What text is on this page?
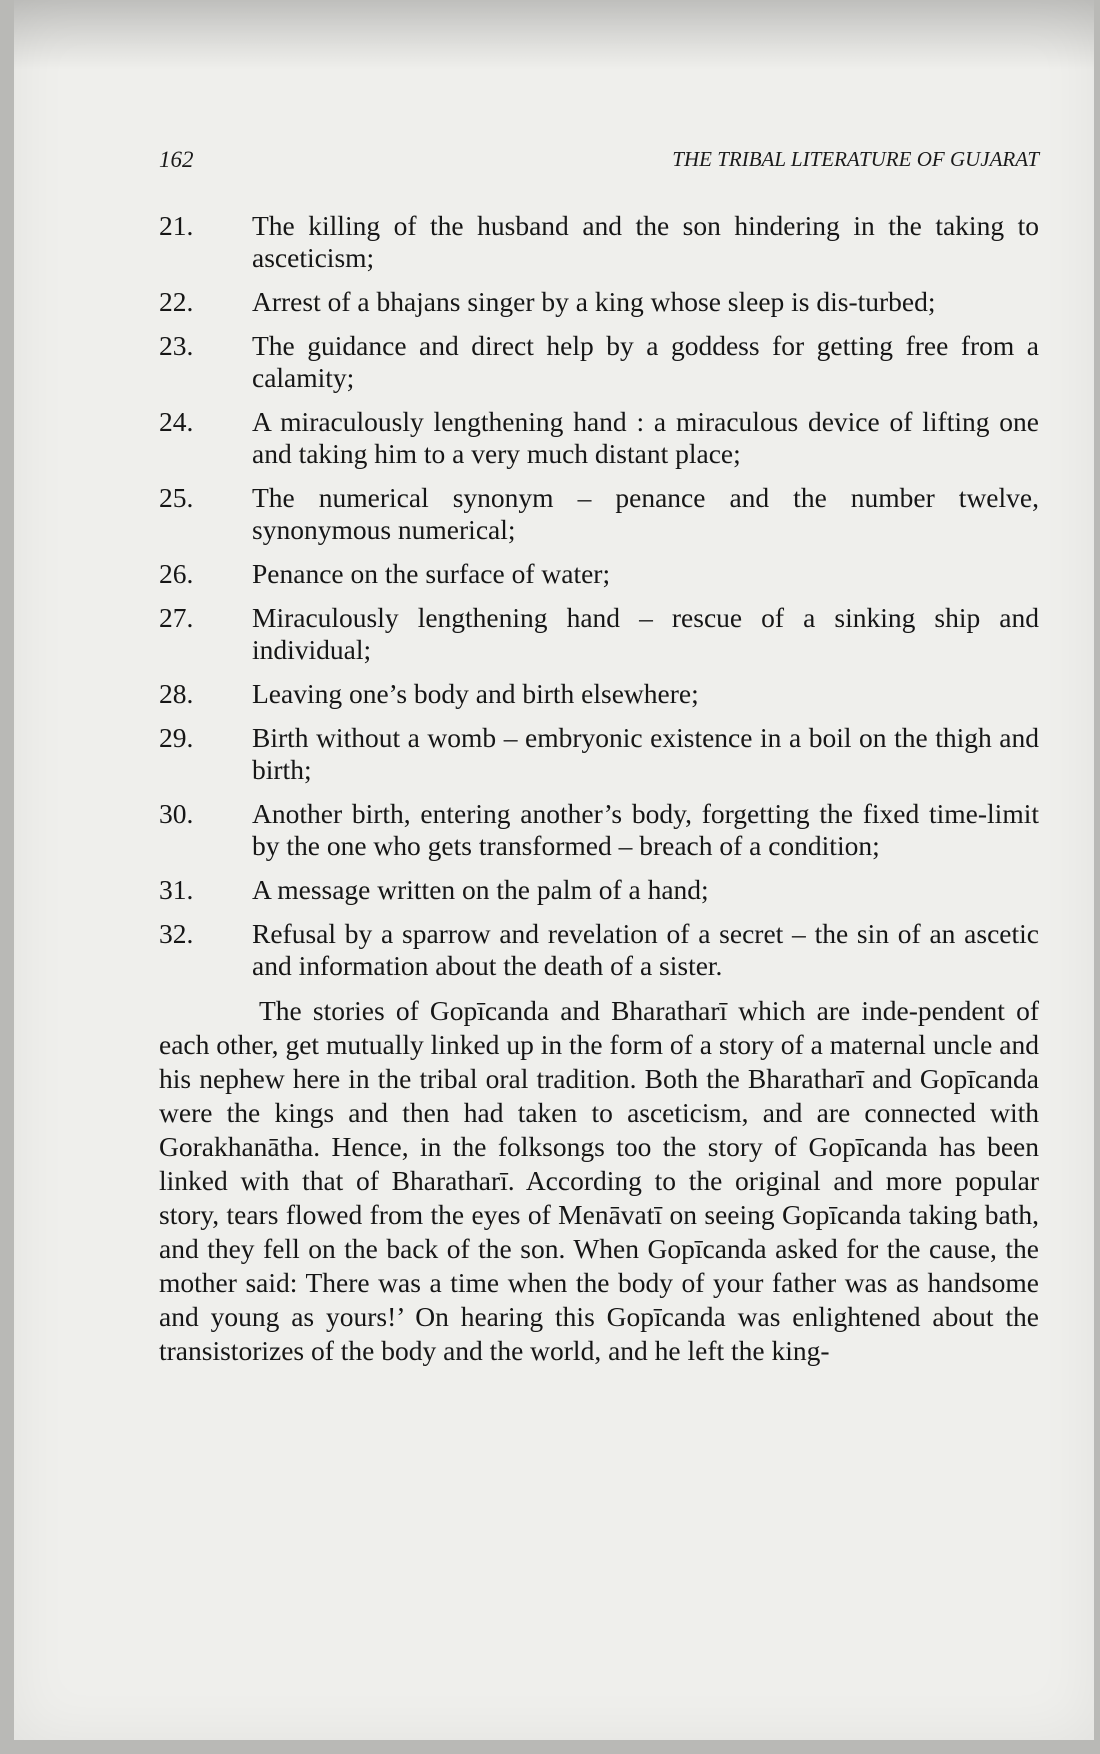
162	THE TRIBAL LITERATURE OF GUJARAT
21.	The killing of the husband and the son hindering in the taking to asceticism;
22.	Arrest of a bhajans singer by a king whose sleep is dis-turbed;
23.	The guidance and direct help by a goddess for getting free from a calamity;
24.	A miraculously lengthening hand : a miraculous device of lifting one and taking him to a very much distant place;
25.	The numerical synonym – penance and the number twelve, synonymous numerical;
26.	Penance on the surface of water;
27.	Miraculously lengthening hand – rescue of a sinking ship and individual;
28.	Leaving one’s body and birth elsewhere;
29.	Birth without a womb – embryonic existence in a boil on the thigh and birth;
30.	Another birth, entering another’s body, forgetting the fixed time-limit by the one who gets transformed – breach of a condition;
31.	A message written on the palm of a hand;
32.	Refusal by a sparrow and revelation of a secret – the sin of an ascetic and information about the death of a sister.

The stories of Gopīcanda and Bharatharī which are inde-pendent of each other, get mutually linked up in the form of a story of a maternal uncle and his nephew here in the tribal oral tradition. Both the Bharatharī and Gopīcanda were the kings and then had taken to asceticism, and are connected with Gorakhanātha. Hence, in the folksongs too the story of Gopīcanda has been linked with that of Bharatharī. According to the original and more popular story, tears flowed from the eyes of Menāvatī on seeing Gopīcanda taking bath, and they fell on the back of the son. When Gopīcanda asked for the cause, the mother said: There was a time when the body of your father was as handsome and young as yours!’ On hearing this Gopīcanda was enlightened about the transistorizes of the body and the world, and he left the king-
